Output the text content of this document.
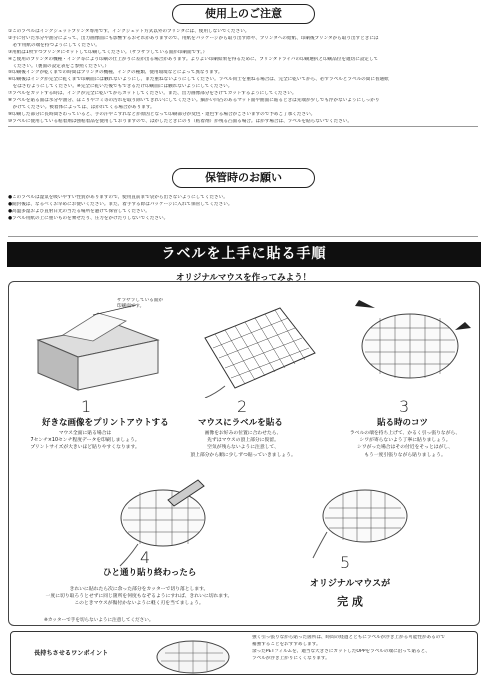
使用上のご注意
①このラベルはインクジェットプリンタ専用です。インクジェット方式以外のプリンタには、使用しないでください。
②手に付いた水分や油分によって、出力画像面にも影響するおそれがありますので、用紙をパッケージから取り出す際や、プリンタへの給紙、印刷後プリンタから取り出すときには
　必ず用紙の端を持つようにしてください。
③用紙は1枚ずつプリンタにセットして印刷してください。（ザラザラしている面が印刷面です。）
④ご使用のプリンタの機種・インク等により印刷の仕上がりに差が出る場合があります。よりよい印刷結果を得るために、プリンタドライバの印刷選択と印刷品位を適切に設定して
　ください。（裏面の設定表をご参照ください。）
⑤印刷後インクが乾くまでの時間はプリンタの機種、インクの種類、使用環境などによって異なります。
⑥印刷後はインクが完全に乾くまで印刷面には触れないようにし、また重ねないようにしてください。ラベル同士を重ねる場合は、完全に乾いてから、必ずラベルとラベルの間に普通紙
　をはさむようにしてください。※完全に乾いた後でもできるだけ印刷面には触れないようにしてください。
⑦ラベルをカットする時は、インクが完全に乾いてからカットしてください。また、出力画像部分をさけてカットするようにしてください。
⑧ラベルを貼る面は水分や油分、ほこりやゴミ等の汚れを取り除いてきれいにしてください。細かい凹凸のあるマット面や曲面に貼るときは先端が少しでも浮かないようにしっかり
　かけてください。被着体によっては、はがれてくる場合があります。
⑨印刷した部分に長時間さわっていると、手の汗やこすれなどが原因となって印刷部分が変色・退色する場合がございますので予めご了承ください。
⑩ラベルに使用している粘着剤は強粘着品を使用しておりますので、はがしたときにのり（粘着剤）が残る凸面る場合。はがす場合は、ラベルを貼らないでください。
保管時のお願い
●このラベルは湿気を吸いやすい性質がありますので、使用直前まで袋から出さないようにしてください。
●開封後は、なるべくお早めにお使いください。また、着手する際はパッケージに入れて保管してください。
●高温多湿および直射日光の当たる場所を避けて保管してください。
●ラベル用紙の上に重いものを乗せたり、圧力をかけたりしないでください。
ラベルを上手に貼る手順
オリジナルマウスを作ってみよう！
ザラザラしている面が印刷面です。
1
好きな画像をプリントアウトする
マウス全面に貼る場合は
7センチ×10センチ程度データを印刷しましょう。
プリントサイズが大きいほど貼りやすくなります。
2
マウスにラベルを貼る
画像をお好みの位置に合わせたら、
先ずはマウスの頂上部分に仮留。
空気が残らないように注意して、
頂上部分から順に少しずつ貼っていきましょう。
3
貼る時のコツ
ラベルの端を持ち上げて、かるく引っ張りながら、
シワが寄らないよう丁寧に貼りましょう。
シワがった場合はその付近をそっとはがし、
もう一度引張りながら貼りましょう。
4
ひと通り貼り終わったら
きれいに貼れたら次に余った部分をカッターで切り落とします。
一度に切り取ろうとせずに同じ箇所を何度もなぞるようにすれば、きれいに切れます。
このときマウスが傷付かないように軽く刃を当てましょう。
5
オリジナルマウスが
完 成
※カッターで手を切らないように注意してください。
長持ちさせるワンポイント
強く引っ張りながら貼った箇所は、時間の経過とともにラベルが浮き上がる可能性があるので
補強することをおすすめします。
余ったPETフィルムを、適当な大きさにカットしたOPPをラベルの端に沿って貼ると、
ラベルが浮き上がりにくくなります。
